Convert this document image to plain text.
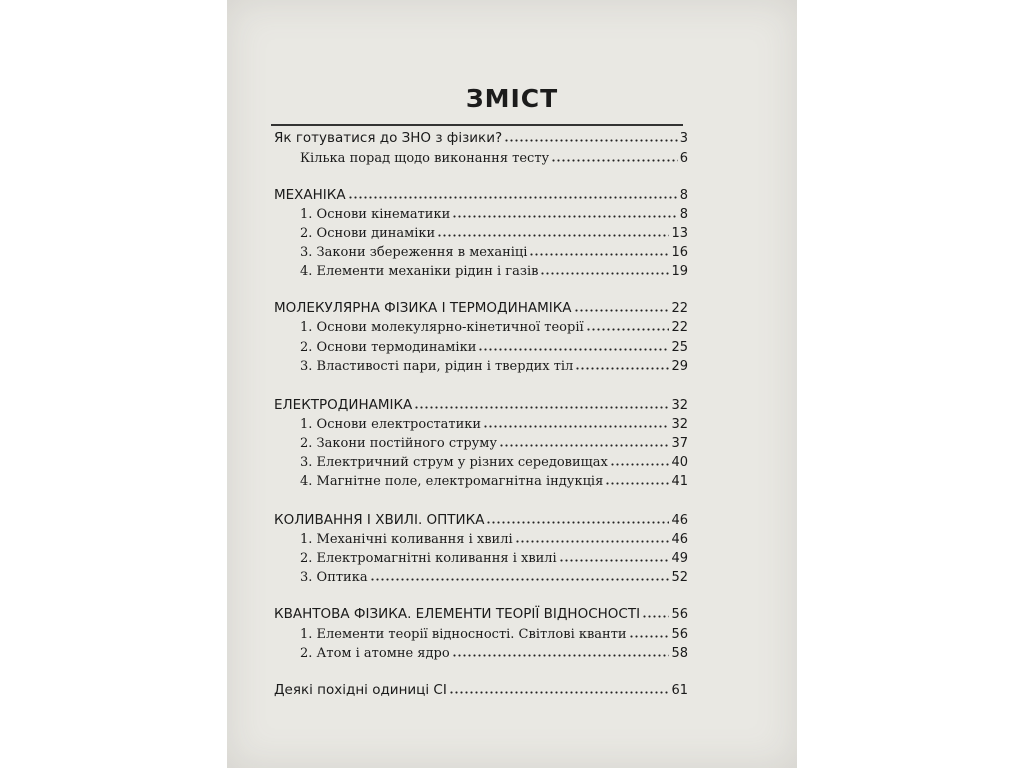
ЗМІСТ
Як готуватися до ЗНО з фізики?	3
Кілька порад щодо виконання тесту	6
МЕХАНІКА	8
1. Основи кінематики	8
2. Основи динаміки	13
3. Закони збереження в механіці	16
4. Елементи механіки рідин і газів	19
МОЛЕКУЛЯРНА ФІЗИКА І ТЕРМОДИНАМІКА	22
1. Основи молекулярно-кінетичної теорії	22
2. Основи термодинаміки	25
3. Властивості пари, рідин і твердих тіл	29
ЕЛЕКТРОДИНАМІКА	32
1. Основи електростатики	32
2. Закони постійного струму	37
3. Електричний струм у різних середовищах	40
4. Магнітне поле, електромагнітна індукція	41
КОЛИВАННЯ І ХВИЛІ. ОПТИКА	46
1. Механічні коливання і хвилі	46
2. Електромагнітні коливання і хвилі	49
3. Оптика	52
КВАНТОВА ФІЗИКА. ЕЛЕМЕНТИ ТЕОРІЇ ВІДНОСНОСТІ 56
1. Елементи теорії відносності. Світлові кванти	56
2. Атом і атомне ядро	58
Деякі похідні одиниці СІ	61
